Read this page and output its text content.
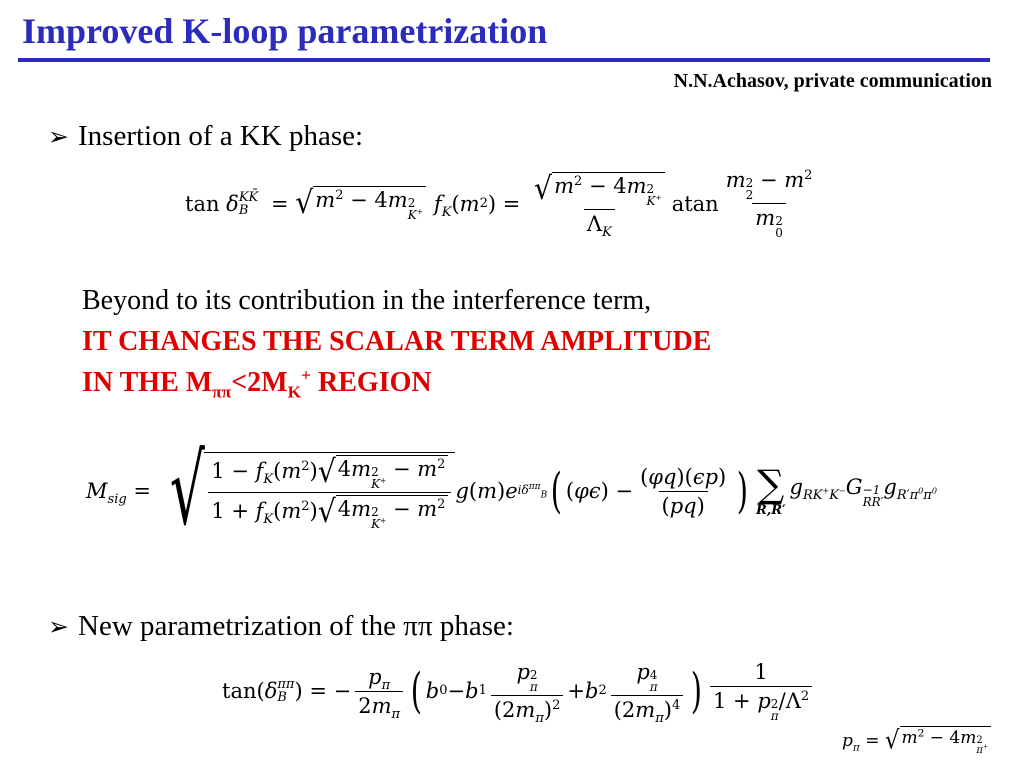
Improved K-loop parametrization
N.N.Achasov, private communication
➢ Insertion of a KK phase:
tan δ KK̄
B = √ $m^2 - 4m$ 2
K+ $f_K$ ( m 2 ) = √ $m^2 - 4m$ 2
K+
$\Lambda_K$ atan m 2
2
− $m^2$
m 2
0
Beyond to its contribution in the interference term,
IT CHANGES THE SCALAR TERM AMPLITUDE
IN THE $M_{\pi\pi}<2M_K^+$ REGION
$M_{sig}$ = √ $1 - f_K(m^2)$ √ 4m 2
$K^+ - m^2$
$1 + f_K(m^2)$ √ 4m 2
$K^+ - m^2$ g ( m ) e $i\delta^{\pi\pi}_B$ ( ( φϵ ) − $\frac{(\varphi q)(\epsilon p)}{(pq)}$ ) ∑
R,R′
$g_{RK^+K^-}G -1$
RR′
$g_{R'\pi^0\pi^0}$
➢ New parametrization of the ππ phase:
tan( δ ππ
B ) = − $\frac{p_\pi}{2m_\pi}$ ( b 0 − b 1 p 2
π
$(2m_\pi)^2 + b$ 2 p 4
π
$(2m_\pi)^4$ ) 1
1 + p 2
π
$/\Lambda^2$
$p_\pi$ = √ $m^2 - 4m$ 2
π+
